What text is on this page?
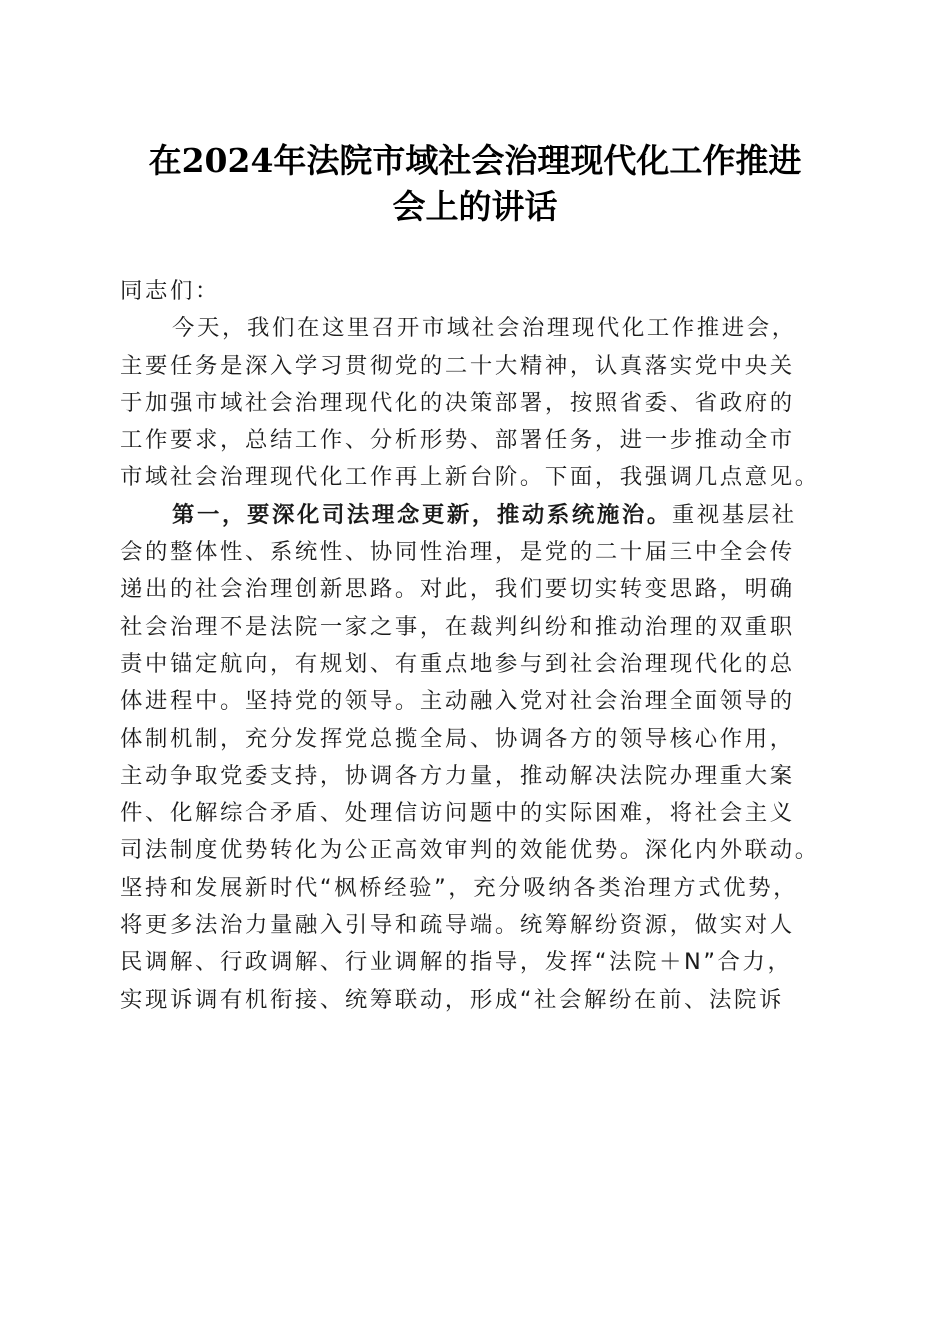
在2024年法院市域社会治理现代化工作推进
会上的讲话
同志们：
今天，我们在这里召开市域社会治理现代化工作推进会，
主要任务是深入学习贯彻党的二十大精神，认真落实党中央关
于加强市域社会治理现代化的决策部署，按照省委、省政府的
工作要求，总结工作、分析形势、部署任务，进一步推动全市
市域社会治理现代化工作再上新台阶。下面，我强调几点意见。
第一，要深化司法理念更新，推动系统施治。重视基层社
会的整体性、系统性、协同性治理，是党的二十届三中全会传
递出的社会治理创新思路。对此，我们要切实转变思路，明确
社会治理不是法院一家之事，在裁判纠纷和推动治理的双重职
责中锚定航向，有规划、有重点地参与到社会治理现代化的总
体进程中。坚持党的领导。主动融入党对社会治理全面领导的
体制机制，充分发挥党总揽全局、协调各方的领导核心作用，
主动争取党委支持，协调各方力量，推动解决法院办理重大案
件、化解综合矛盾、处理信访问题中的实际困难，将社会主义
司法制度优势转化为公正高效审判的效能优势。深化内外联动。
坚持和发展新时代“枫桥经验”，充分吸纳各类治理方式优势，
将更多法治力量融入引导和疏导端。统筹解纷资源，做实对人
民调解、行政调解、行业调解的指导，发挥“法院＋N”合力，
实现诉调有机衔接、统筹联动，形成“社会解纷在前、法院诉
